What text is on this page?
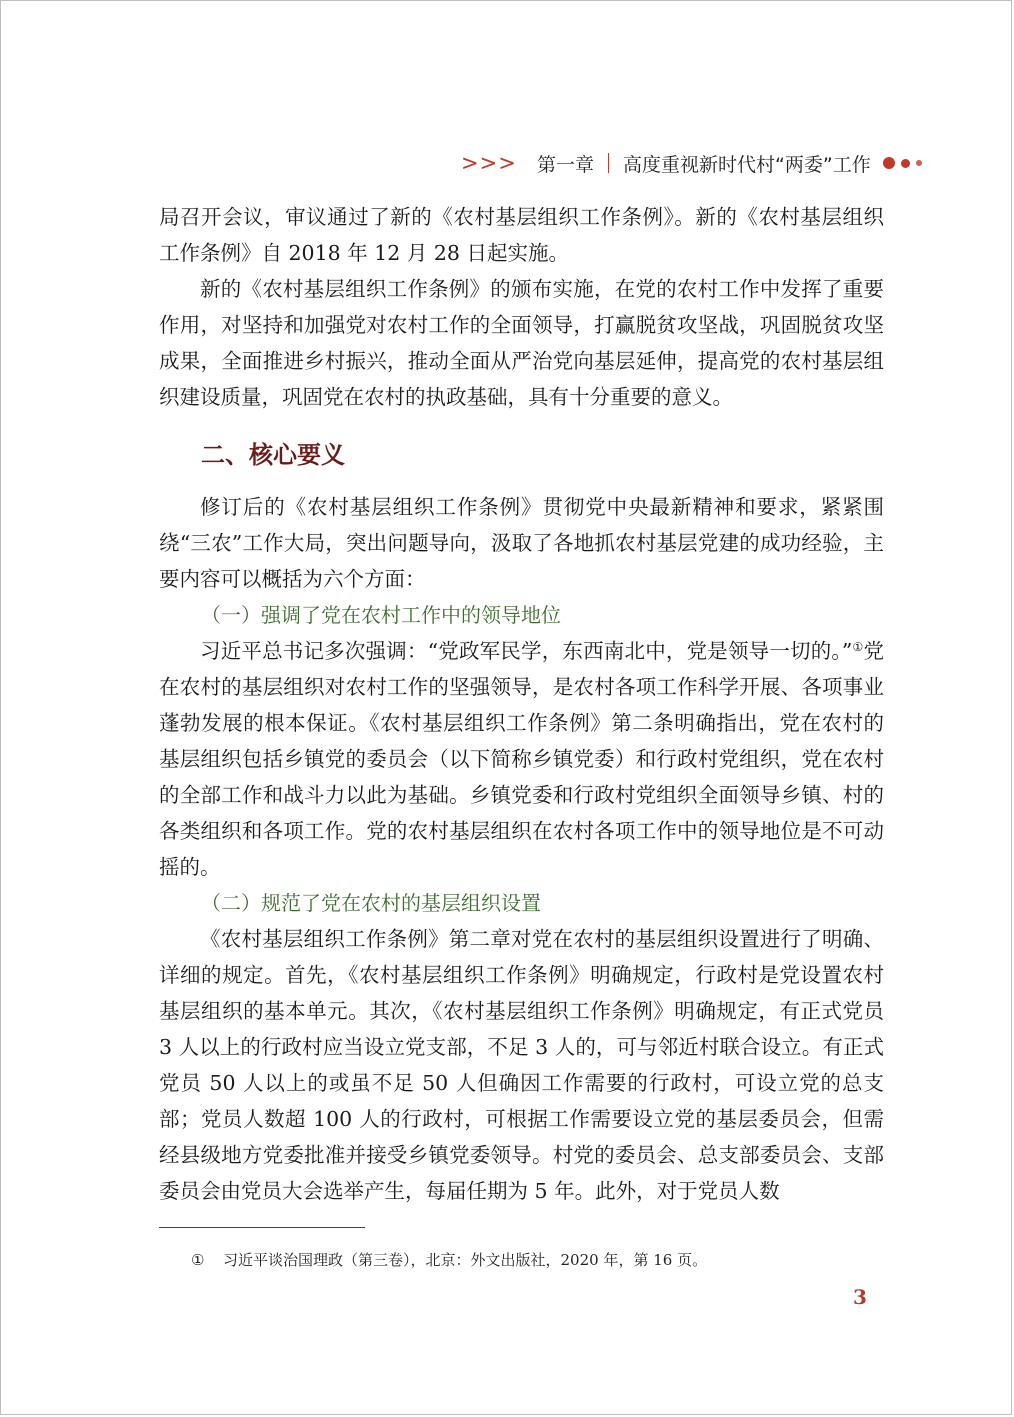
>>>	第一章 高度重视新时代村“两委”工作

局召开会议，审议通过了新的《农村基层组织工作条例》。新的《农村基层组织工作条例》自 2018 年 12 月 28 日起实施。

新的《农村基层组织工作条例》的颁布实施，在党的农村工作中发挥了重要作用，对坚持和加强党对农村工作的全面领导，打赢脱贫攻坚战，巩固脱贫攻坚成果，全面推进乡村振兴，推动全面从严治党向基层延伸，提高党的农村基层组织建设质量，巩固党在农村的执政基础，具有十分重要的意义。

二、核心要义

修订后的《农村基层组织工作条例》贯彻党中央最新精神和要求，紧紧围绕“三农”工作大局，突出问题导向，汲取了各地抓农村基层党建的成功经验，主要内容可以概括为六个方面：

（一）强调了党在农村工作中的领导地位

习近平总书记多次强调：“党政军民学，东西南北中，党是领导一切的。”①党在农村的基层组织对农村工作的坚强领导，是农村各项工作科学开展、各项事业蓬勃发展的根本保证。《农村基层组织工作条例》第二条明确指出，党在农村的基层组织包括乡镇党的委员会（以下简称乡镇党委）和行政村党组织，党在农村的全部工作和战斗力以此为基础。乡镇党委和行政村党组织全面领导乡镇、村的各类组织和各项工作。党的农村基层组织在农村各项工作中的领导地位是不可动摇的。

（二）规范了党在农村的基层组织设置

《农村基层组织工作条例》第二章对党在农村的基层组织设置进行了明确、详细的规定。首先，《农村基层组织工作条例》明确规定，行政村是党设置农村基层组织的基本单元。其次，《农村基层组织工作条例》明确规定，有正式党员 3 人以上的行政村应当设立党支部，不足 3 人的，可与邻近村联合设立。有正式党员 50 人以上的或虽不足 50 人但确因工作需要的行政村，可设立党的总支部；党员人数超 100 人的行政村，可根据工作需要设立党的基层委员会，但需经县级地方党委批准并接受乡镇党委领导。村党的委员会、总支部委员会、支部委员会由党员大会选举产生，每届任期为 5 年。此外，对于党员人数

① 习近平谈治国理政（第三卷），北京：外文出版社，2020 年，第 16 页。
3
